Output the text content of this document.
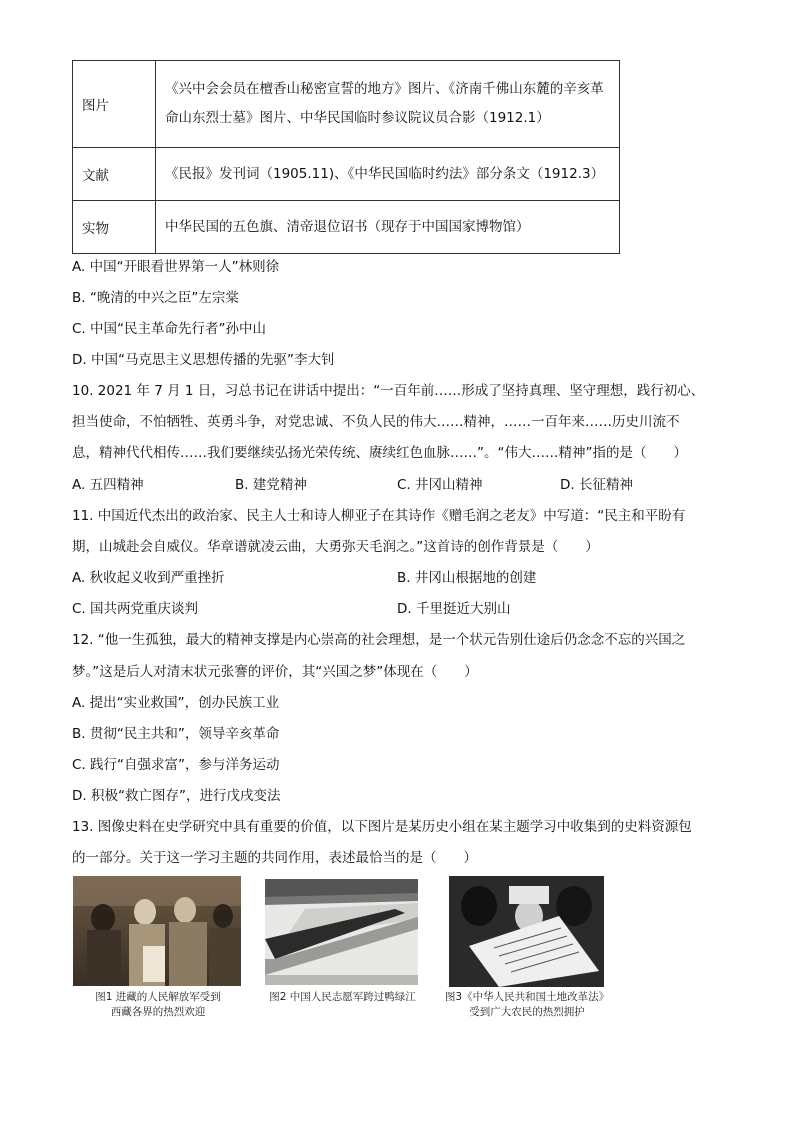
图片	《兴中会会员在檀香山秘密宣誓的地方》图片、《济南千佛山东麓的辛亥革
命山东烈士墓》图片、中华民国临时参议院议员合影（1912.1）

文献	《民报》发刊词（1905.11)、《中华民国临时约法》部分条文（1912.3）

实物	中华民国的五色旗、清帝退位诏书（现存于中国国家博物馆）
A. 中国“开眼看世界第一人”林则徐
B. “晚清的中兴之臣”左宗棠
C. 中国“民主革命先行者”孙中山
D. 中国“马克思主义思想传播的先驱”李大钊
10. 2021 年 7 月 1 日，习总书记在讲话中提出：“一百年前……形成了坚持真理、坚守理想，践行初心、
担当使命，不怕牺牲、英勇斗争，对党忠诚、不负人民的伟大……精神，……一百年来……历史川流不
息，精神代代相传……我们要继续弘扬光荣传统、赓续红色血脉……”。“伟大……精神”指的是（　　）
A. 五四精神	B. 建党精神	C. 井冈山精神	D. 长征精神
11. 中国近代杰出的政治家、民主人士和诗人柳亚子在其诗作《赠毛润之老友》中写道：“民主和平盼有
期，山城赴会自威仪。华章谱就凌云曲，大勇弥天毛润之。”这首诗的创作背景是（　　）
A. 秋收起义收到严重挫折	B. 井冈山根据地的创建
C. 国共两党重庆谈判	D. 千里挺近大别山
12. “他一生孤独，最大的精神支撑是内心崇高的社会理想，是一个状元告别仕途后仍念念不忘的兴国之
梦。”这是后人对清末状元张謇的评价，其“兴国之梦”体现在（　　）
A. 提出“实业救国”，创办民族工业
B. 贯彻“民主共和”，领导辛亥革命
C. 践行“自强求富”，参与洋务运动
D. 积极“救亡图存”，进行戊戌变法
13. 图像史料在史学研究中具有重要的价值，以下图片是某历史小组在某主题学习中收集到的史料资源包
的一部分。关于这一学习主题的共同作用，表述最恰当的是（　　）
图1 进藏的人民解放军受到
西藏各界的热烈欢迎
图2 中国人民志愿军跨过鸭绿江	图3《中华人民共和国土地改革法》
受到广大农民的热烈拥护
